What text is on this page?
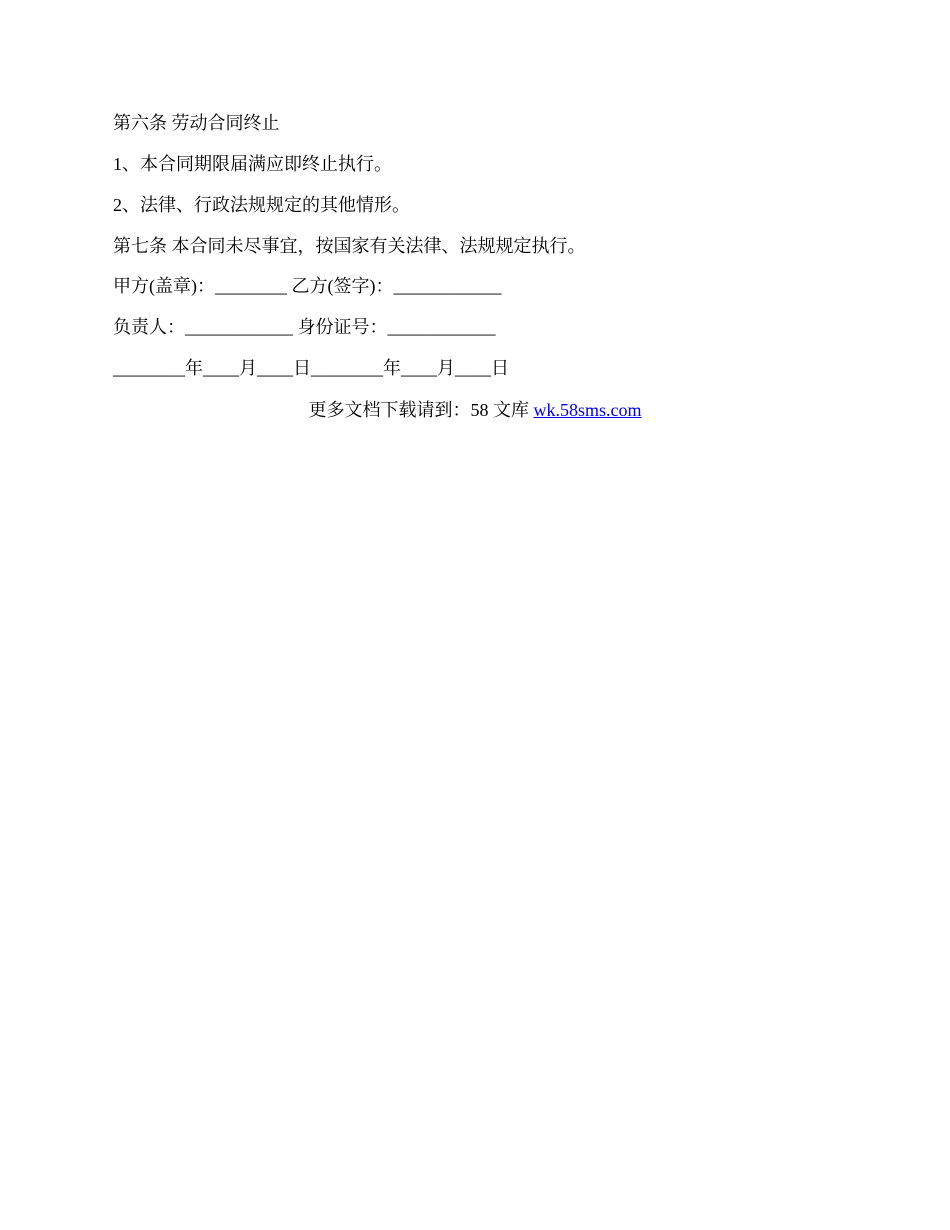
第六条 劳动合同终止
1、本合同期限届满应即终止执行。
2、法律、行政法规规定的其他情形。
第七条 本合同未尽事宜，按国家有关法律、法规规定执行。
甲方(盖章)：________ 乙方(签字)：____________
负责人：____________ 身份证号：____________
________年____月____日________年____月____日
更多文档下载请到：58 文库 wk.58sms.com
